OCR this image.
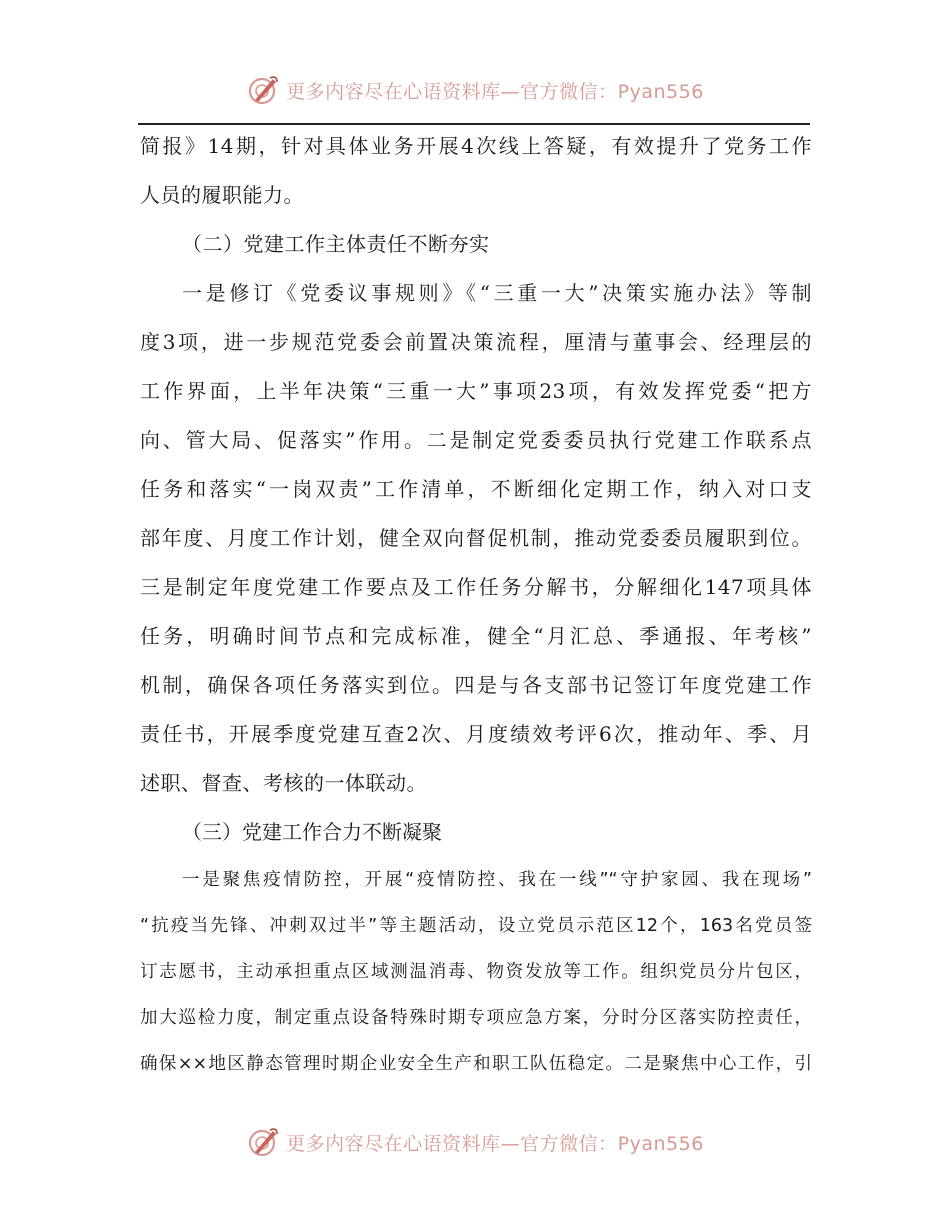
更多内容尽在心语资料库—官方微信：Pyan556

简报》14期，针对具体业务开展4次线上答疑，有效提升了党务工作

人员的履职能力。

（二）党建工作主体责任不断夯实

一是修订《党委议事规则》《“三重一大”决策实施办法》等制

度3项，进一步规范党委会前置决策流程，厘清与董事会、经理层的

工作界面，上半年决策“三重一大”事项23项，有效发挥党委“把方

向、管大局、促落实”作用。二是制定党委委员执行党建工作联系点

任务和落实“一岗双责”工作清单，不断细化定期工作，纳入对口支

部年度、月度工作计划，健全双向督促机制，推动党委委员履职到位。

三是制定年度党建工作要点及工作任务分解书，分解细化147项具体

任务，明确时间节点和完成标准，健全“月汇总、季通报、年考核”

机制，确保各项任务落实到位。四是与各支部书记签订年度党建工作

责任书，开展季度党建互查2次、月度绩效考评6次，推动年、季、月

述职、督查、考核的一体联动。

（三）党建工作合力不断凝聚

一是聚焦疫情防控，开展“疫情防控、我在一线”“守护家园、我在现场”

“抗疫当先锋、冲刺双过半”等主题活动，设立党员示范区12个，163名党员签

订志愿书，主动承担重点区域测温消毒、物资发放等工作。组织党员分片包区，

加大巡检力度，制定重点设备特殊时期专项应急方案，分时分区落实防控责任，

确保××地区静态管理时期企业安全生产和职工队伍稳定。二是聚焦中心工作，引

更多内容尽在心语资料库—官方微信：Pyan556
